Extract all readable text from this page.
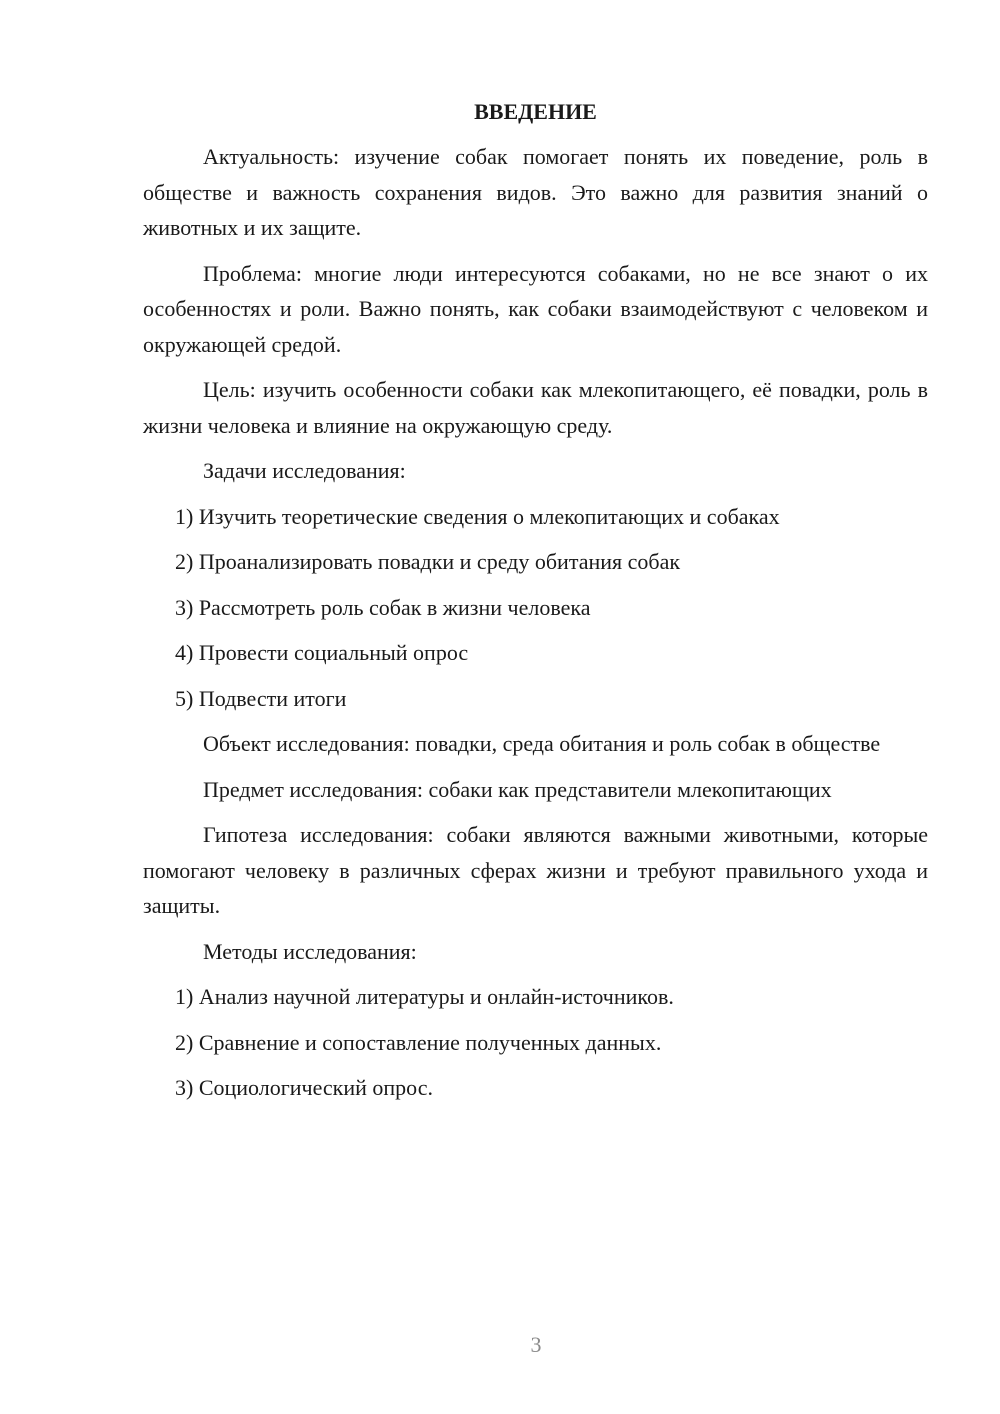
ВВЕДЕНИЕ

Актуальность: изучение собак помогает понять их поведение, роль в обществе и важность сохранения видов. Это важно для развития знаний о животных и их защите.

Проблема: многие люди интересуются собаками, но не все знают о их особенностях и роли. Важно понять, как собаки взаимодействуют с человеком и окружающей средой.

Цель: изучить особенности собаки как млекопитающего, её повадки, роль в жизни человека и влияние на окружающую среду.

Задачи исследования:

1) Изучить теоретические сведения о млекопитающих и собаках
2) Проанализировать повадки и среду обитания собак
3) Рассмотреть роль собак в жизни человека
4) Провести социальный опрос
5) Подвести итоги

Объект исследования: повадки, среда обитания и роль собак в обществе

Предмет исследования: собаки как представители млекопитающих

Гипотеза исследования: собаки являются важными животными, которые помогают человеку в различных сферах жизни и требуют правильного ухода и защиты.

Методы исследования:

1) Анализ научной литературы и онлайн-источников.
2) Сравнение и сопоставление полученных данных.
3) Социологический опрос.
3
